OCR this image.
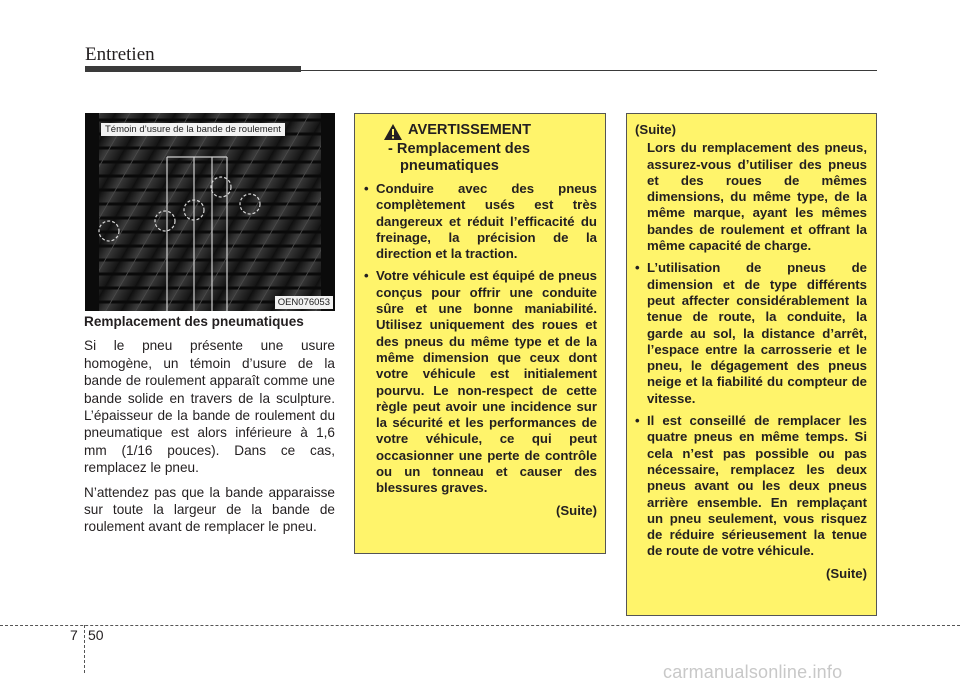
Entretien
Témoin d’usure de la bande de roulement
OEN076053
Remplacement des pneumatiques

Si le pneu présente une usure homogène, un témoin d’usure de la bande de roulement apparaît comme une bande solide en travers de la sculpture. L’épaisseur de la bande de roulement du pneumatique est alors inférieure à 1,6 mm (1/16 pouces). Dans ce cas, remplacez le pneu.

N’attendez pas que la bande apparaisse sur toute la largeur de la bande de roulement avant de remplacer le pneu.

AVERTISSEMENT
- Remplacement des pneumatiques
• Conduire avec des pneus complètement usés est très dangereux et réduit l’efficacité du freinage, la précision de la direction et la traction.
• Votre véhicule est équipé de pneus conçus pour offrir une conduite sûre et une bonne maniabilité. Utilisez uniquement des roues et des pneus du même type et de la même dimension que ceux dont votre véhicule est initialement pourvu. Le non-respect de cette règle peut avoir une incidence sur la sécurité et les performances de votre véhicule, ce qui peut occasionner une perte de contrôle ou un tonneau et causer des blessures graves.
(Suite)
(Suite)
Lors du remplacement des pneus, assurez-vous d’utiliser des pneus et des roues de mêmes dimensions, du même type, de la même marque, ayant les mêmes bandes de roulement et offrant la même capacité de charge.
• L’utilisation de pneus de dimension et de type différents peut affecter considérablement la tenue de route, la conduite, la garde au sol, la distance d’arrêt, l’espace entre la carrosserie et le pneu, le dégagement des pneus neige et la fiabilité du compteur de vitesse.
• Il est conseillé de remplacer les quatre pneus en même temps. Si cela n’est pas possible ou pas nécessaire, remplacez les deux pneus avant ou les deux pneus arrière ensemble. En remplaçant un pneu seulement, vous risquez de réduire sérieusement la tenue de route de votre véhicule.
(Suite)
7 50
carmanualsonline.info
